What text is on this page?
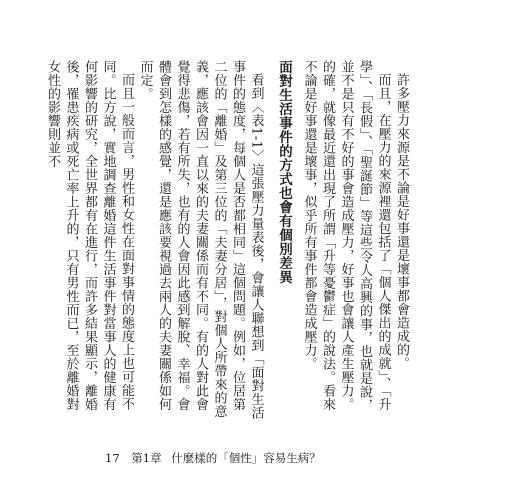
許多壓力來源是不論是好事還是壞事都會造成的。

而且，在壓力的來源裡還包括了「個人傑出的成就」、「升學」、「長假」、「聖誕節」等這些令人高興的事，也就是說，並不是只有不好的事會造成壓力，好事也會讓人產生壓力。的確，就像最近還出現了所謂「升等憂鬱症」的說法。看來不論是好事還是壞事，似乎所有事件都會造成壓力。

面對生活事件的方式也會有個別差異

看到〈表1-1〉這張壓力量表後，會讓人聯想到「面對生活事件的態度，每個人是否都相同」這個問題。例如，位居第二位的「離婚」及第三位的「夫妻分居」，對個人所帶來的意義，應該會因一直以來的夫妻關係而有不同。有的人對此會覺得悲傷，若有所失，也有的人會因此感到解脫、幸福。會體會到怎樣的感覺，還是應該要視過去兩人的夫妻關係如何而定。

而且一般而言，男性和女性在面對事情的態度上也可能不同。比方說，實地調查離婚這件生活事件對當事人的健康有何影響的研究，全世界都有在進行，而許多結果顯示，離婚後，罹患疾病或死亡率上升的，只有男性而已，至於離婚對女性的影響則並不

17 第1章 什麼樣的「個性」容易生病？
